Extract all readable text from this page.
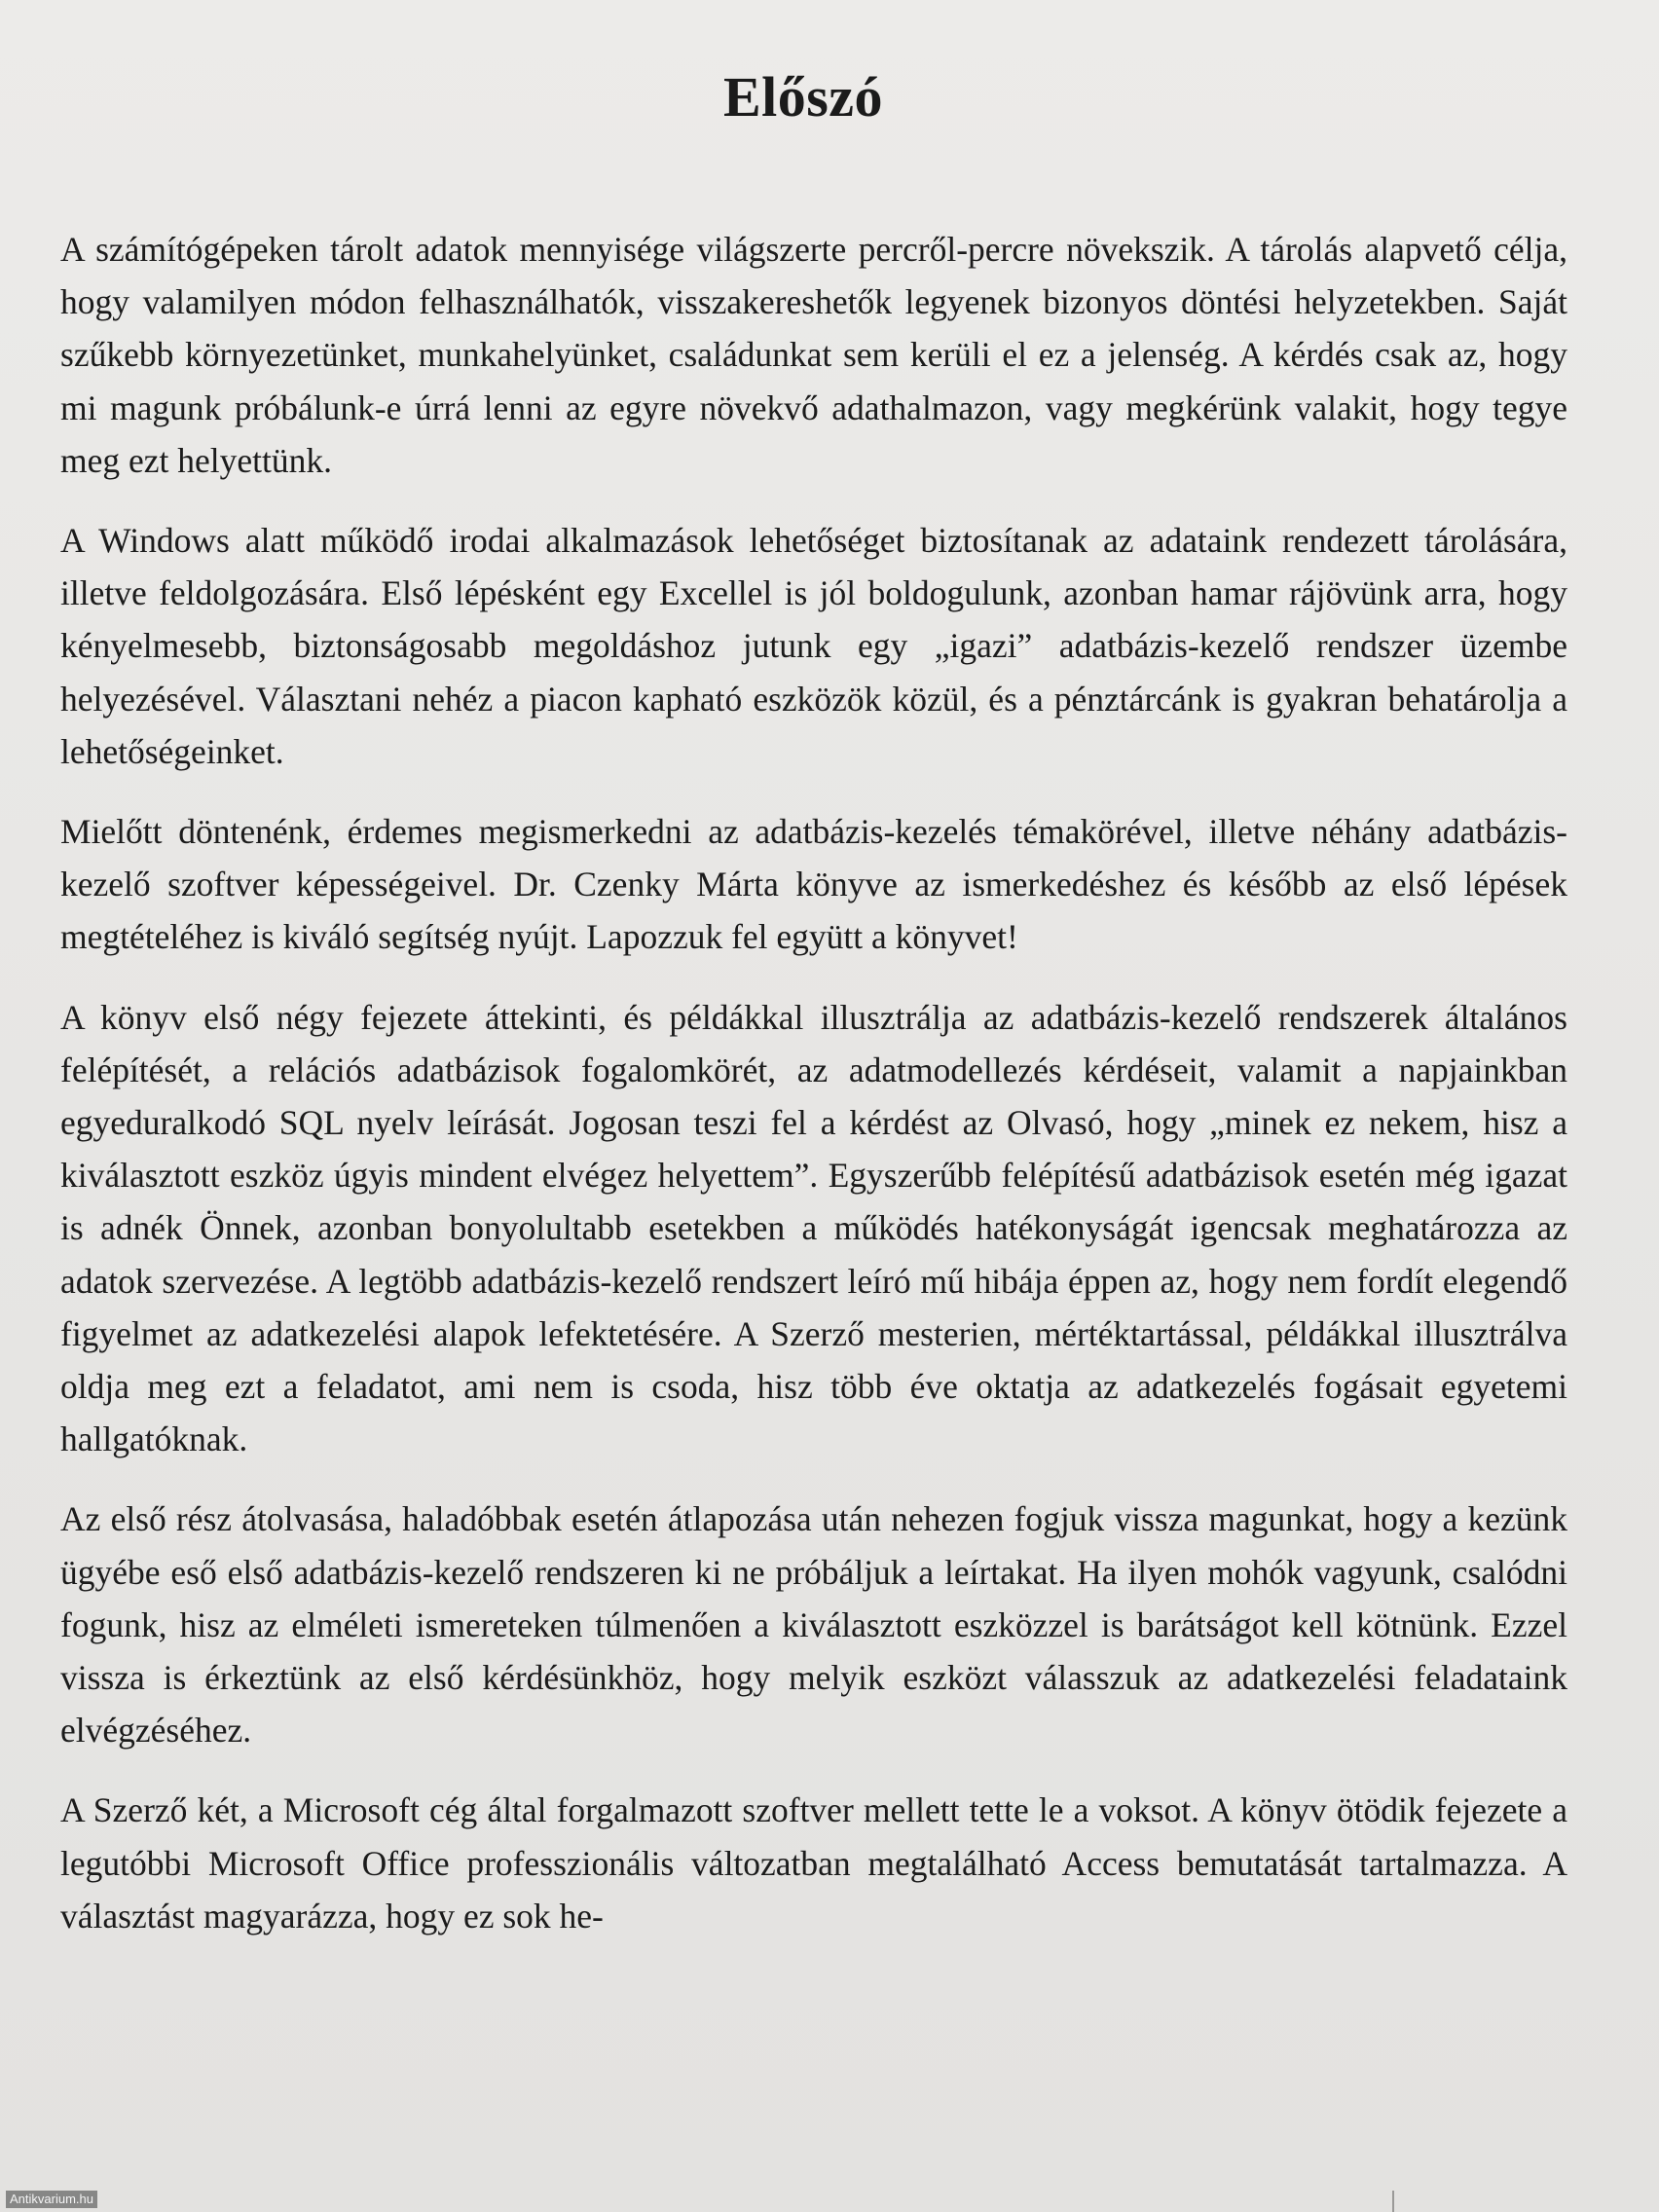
Előszó

A számítógépeken tárolt adatok mennyisége világszerte percről-percre növekszik. A tárolás alapvető célja, hogy valamilyen módon felhasználhatók, visszakereshetők legyenek bizonyos döntési helyzetekben. Saját szűkebb környezetünket, munkahelyünket, családunkat sem kerüli el ez a jelenség. A kérdés csak az, hogy mi magunk próbálunk-e úrrá lenni az egyre növekvő adathalmazon, vagy megkérünk valakit, hogy tegye meg ezt helyettünk.

A Windows alatt működő irodai alkalmazások lehetőséget biztosítanak az adataink rendezett tárolására, illetve feldolgozására. Első lépésként egy Excellel is jól boldogulunk, azonban hamar rájövünk arra, hogy kényelmesebb, biztonságosabb megoldáshoz jutunk egy „igazi” adatbázis-kezelő rendszer üzembe helyezésével. Választani nehéz a piacon kapható eszközök közül, és a pénztárcánk is gyakran behatárolja a lehetőségeinket.

Mielőtt döntenénk, érdemes megismerkedni az adatbázis-kezelés témakörével, illetve néhány adatbázis-kezelő szoftver képességeivel. Dr. Czenky Márta könyve az ismerkedéshez és később az első lépések megtételéhez is kiváló segítség nyújt. Lapozzuk fel együtt a könyvet!

A könyv első négy fejezete áttekinti, és példákkal illusztrálja az adatbázis-kezelő rendszerek általános felépítését, a relációs adatbázisok fogalomkörét, az adatmodellezés kérdéseit, valamit a napjainkban egyeduralkodó SQL nyelv leírását. Jogosan teszi fel a kérdést az Olvasó, hogy „minek ez nekem, hisz a kiválasztott eszköz úgyis mindent elvégez helyettem”. Egyszerűbb felépítésű adatbázisok esetén még igazat is adnék Önnek, azonban bonyolultabb esetekben a működés hatékonyságát igencsak meghatározza az adatok szervezése. A legtöbb adatbázis-kezelő rendszert leíró mű hibája éppen az, hogy nem fordít elegendő figyelmet az adatkezelési alapok lefektetésére. A Szerző mesterien, mértéktartással, példákkal illusztrálva oldja meg ezt a feladatot, ami nem is csoda, hisz több éve oktatja az adatkezelés fogásait egyetemi hallgatóknak.

Az első rész átolvasása, haladóbbak esetén átlapozása után nehezen fogjuk vissza magunkat, hogy a kezünk ügyébe eső első adatbázis-kezelő rendszeren ki ne próbáljuk a leírtakat. Ha ilyen mohók vagyunk, csalódni fogunk, hisz az elméleti ismereteken túlmenően a kiválasztott eszközzel is barátságot kell kötnünk. Ezzel vissza is érkeztünk az első kérdésünkhöz, hogy melyik eszközt válasszuk az adatkezelési feladataink elvégzéséhez.

A Szerző két, a Microsoft cég által forgalmazott szoftver mellett tette le a voksot. A könyv ötödik fejezete a legutóbbi Microsoft Office professzionális változatban megtalálható Access bemutatását tartalmazza. A választást magyarázza, hogy ez sok he-

Antikvarium.hu
